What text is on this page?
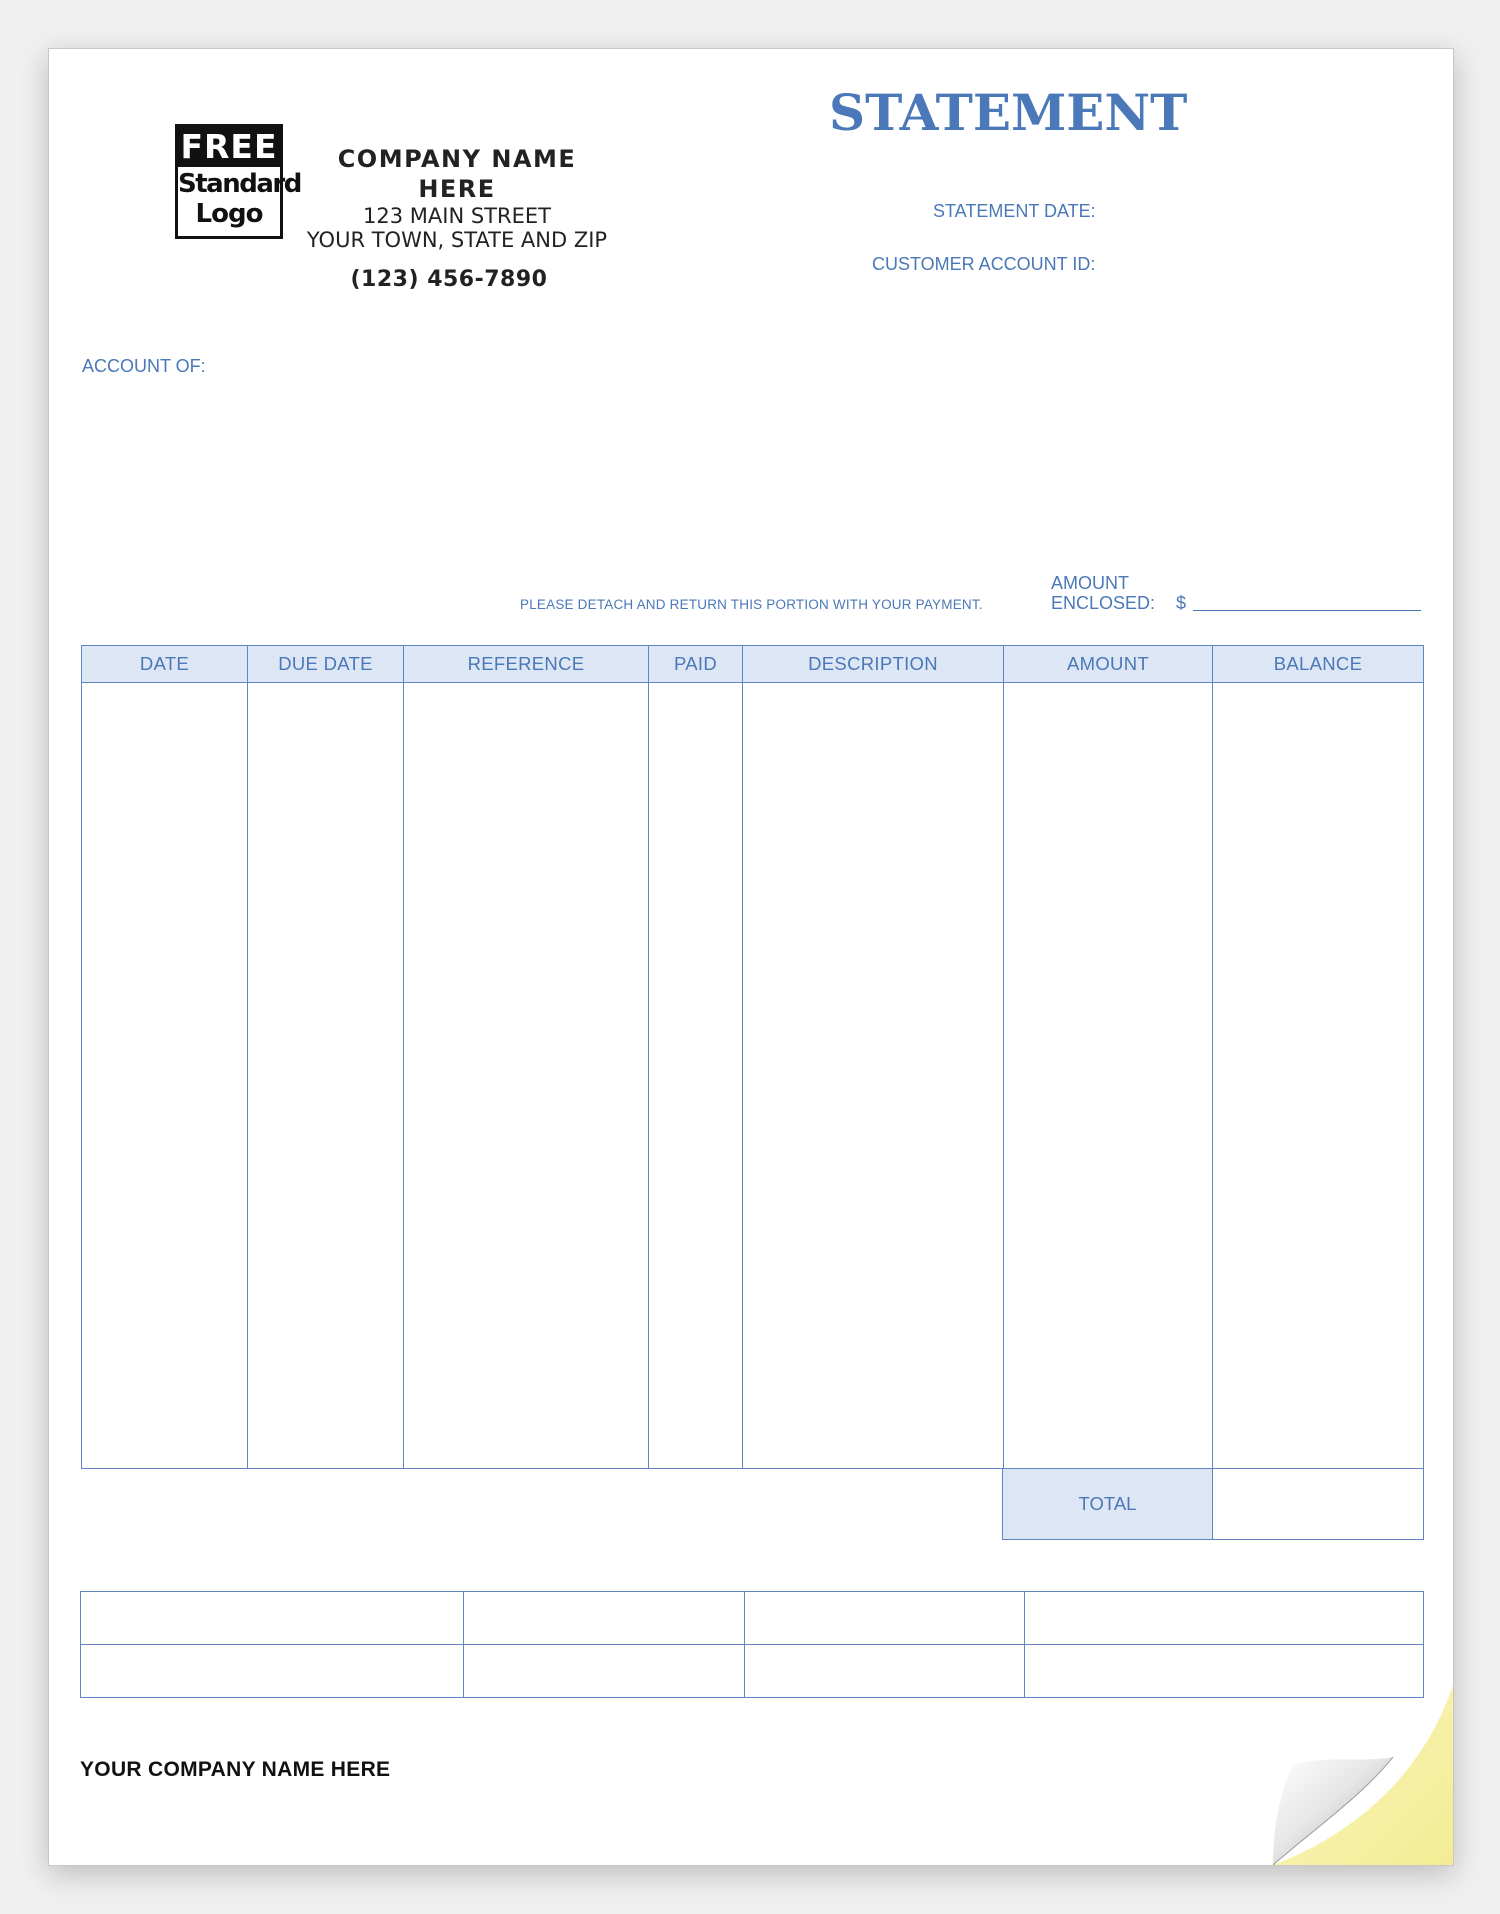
FREE
Standard
Logo
COMPANY NAME HERE
123 MAIN STREET
YOUR TOWN, STATE AND ZIP
(123) 456-7890
STATEMENT
STATEMENT DATE:
CUSTOMER ACCOUNT ID:
ACCOUNT OF:
PLEASE DETACH AND RETURN THIS PORTION WITH YOUR PAYMENT.
AMOUNT
ENCLOSED: $
DATE	DUE DATE	REFERENCE	PAID	DESCRIPTION	AMOUNT	BALANCE

TOTAL	

YOUR COMPANY NAME HERE
